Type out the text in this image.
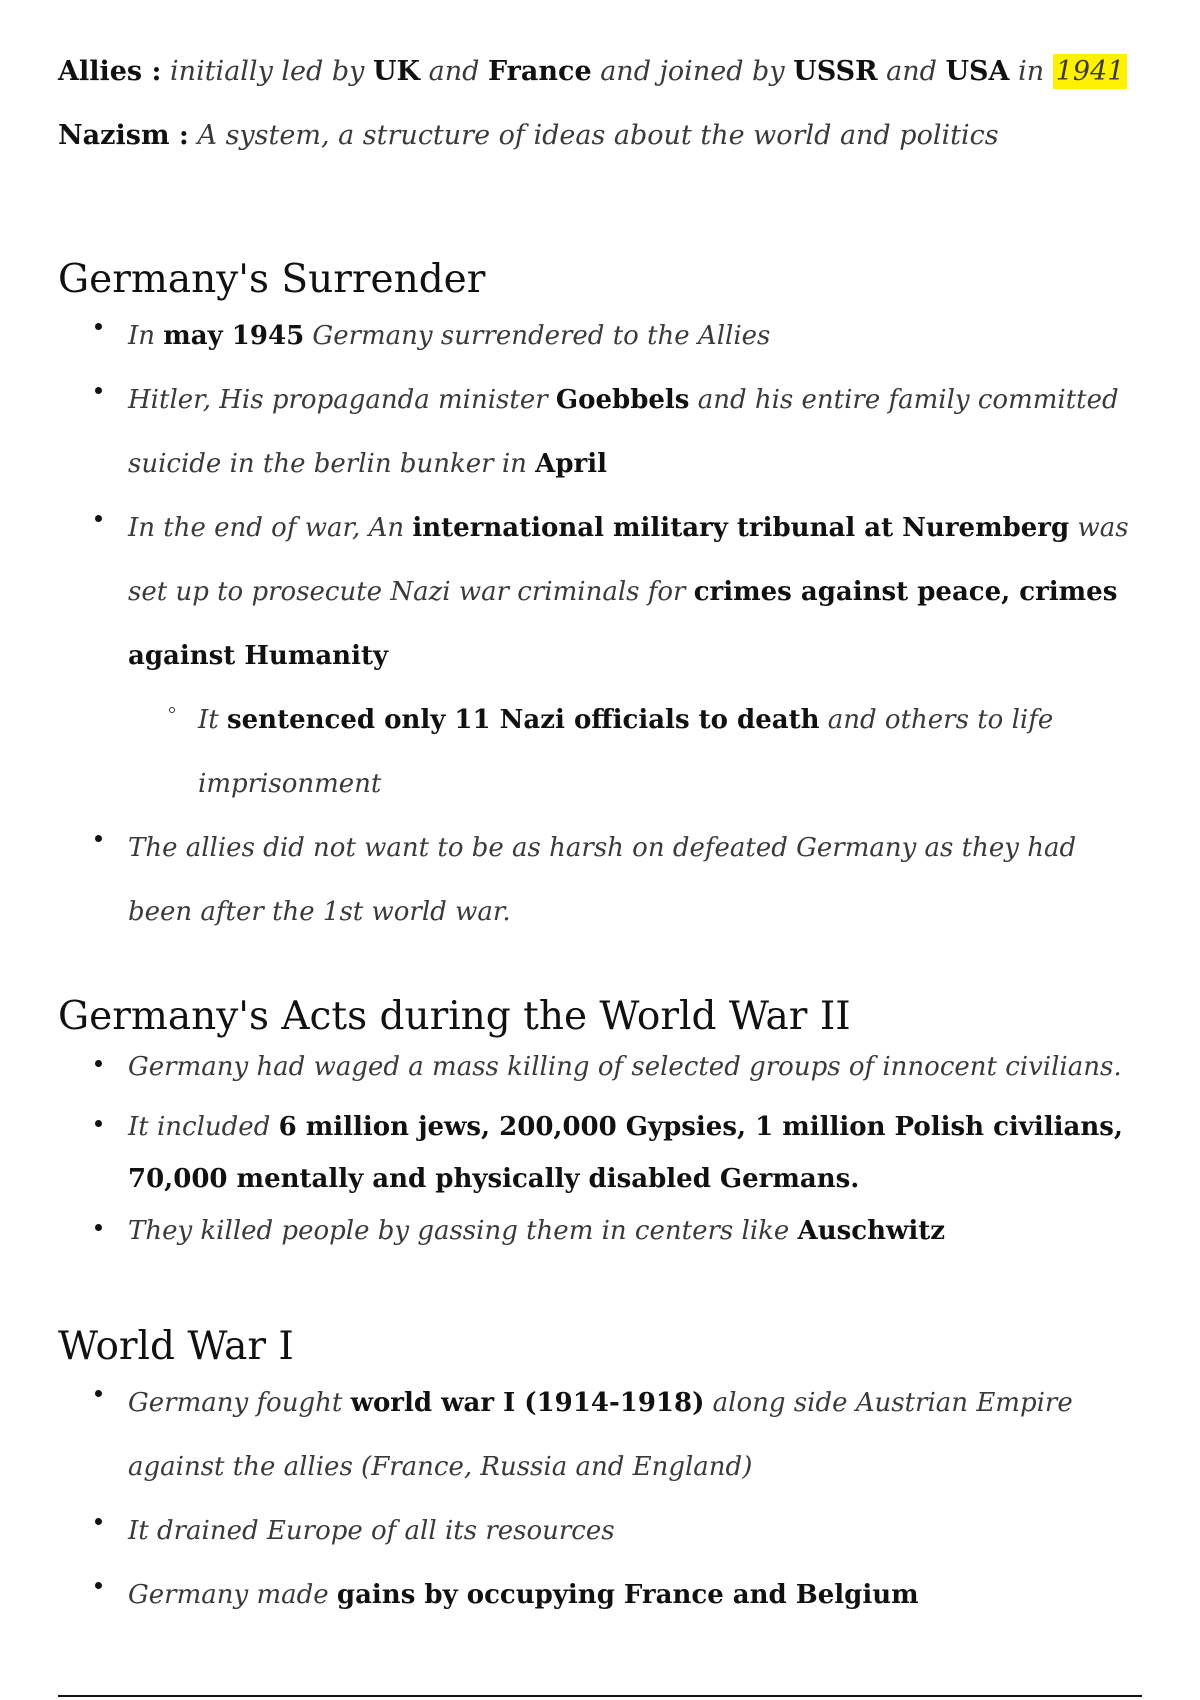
Allies : initially led by UK and France and joined by USSR and USA in 1941
Nazism : A system, a structure of ideas about the world and politics
Germany's Surrender
In may 1945 Germany surrendered to the Allies
Hitler, His propaganda minister Goebbels and his entire family committed suicide in the berlin bunker in April
In the end of war, An international military tribunal at Nuremberg was set up to prosecute Nazi war criminals for crimes against peace, crimes against Humanity
It sentenced only 11 Nazi officials to death and others to life imprisonment
The allies did not want to be as harsh on defeated Germany as they had been after the 1st world war.
Germany's Acts during the World War II
Germany had waged a mass killing of selected groups of innocent civilians.
It included 6 million jews, 200,000 Gypsies, 1 million Polish civilians, 70,000 mentally and physically disabled Germans.
They killed people by gassing them in centers like Auschwitz
World War I
Germany fought world war I (1914-1918) along side Austrian Empire against the allies (France, Russia and England)
It drained Europe of all its resources
Germany made gains by occupying France and Belgium
